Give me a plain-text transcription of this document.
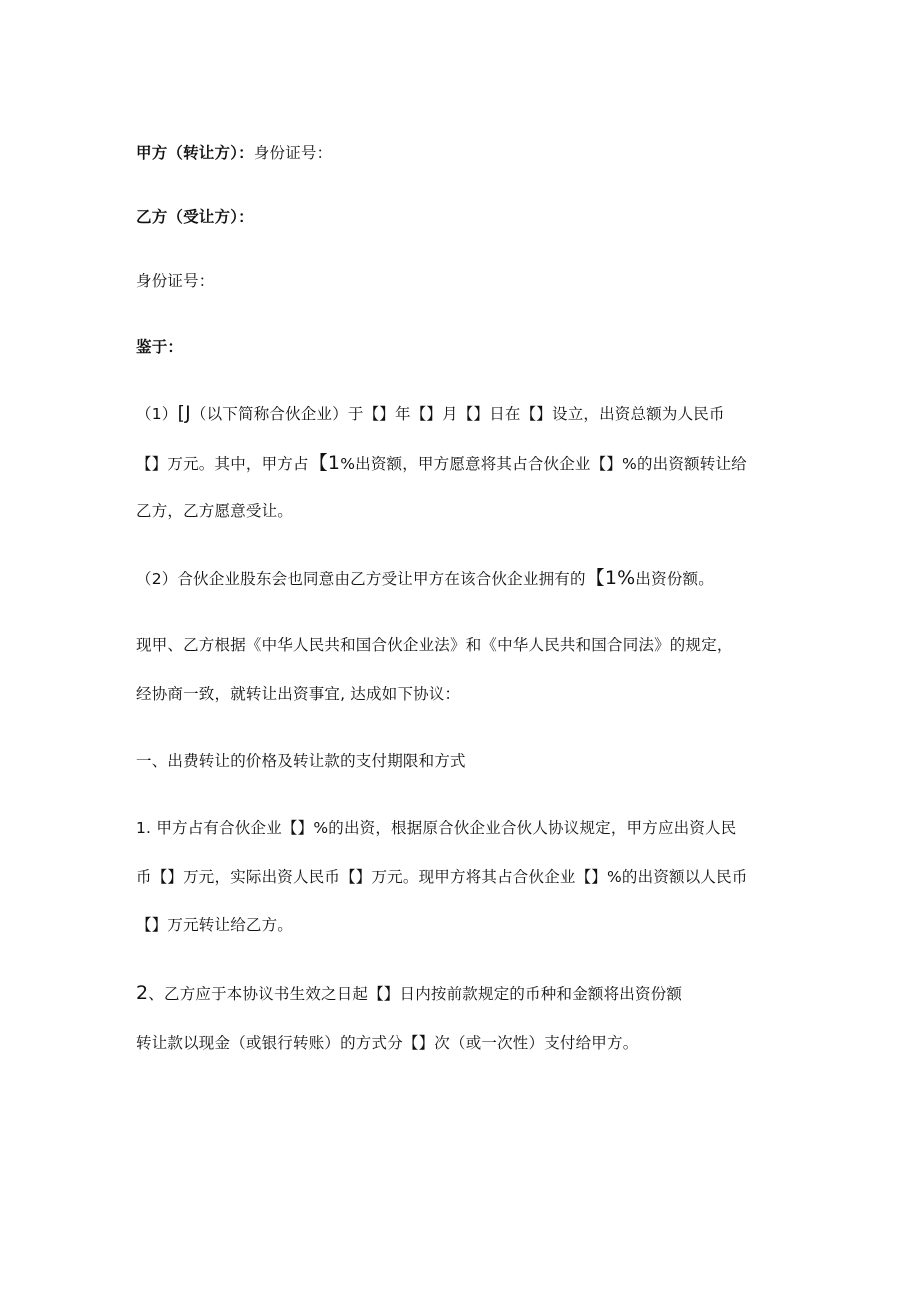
甲方（转让方）：身份证号：
乙方（受让方）：
身份证号：
鉴于：
（1）[J（以下简称合伙企业）于【】年【】月【】日在【】设立，出资总额为人民币
【】万元。其中，甲方占【1%出资额，甲方愿意将其占合伙企业【】%的出资额转让给
乙方，乙方愿意受让。
（2）合伙企业股东会也同意由乙方受让甲方在该合伙企业拥有的【1%出资份额。
现甲、乙方根据《中华人民共和国合伙企业法》和《中华人民共和国合同法》的规定，
经协商一致，就转让出资事宜, 达成如下协议：
一、出费转让的价格及转让款的支付期限和方式
1. 甲方占有合伙企业【】%的出资，根据原合伙企业合伙人协议规定，甲方应出资人民
币【】万元，实际出资人民币【】万元。现甲方将其占合伙企业【】%的出资额以人民币
【】万元转让给乙方。
2、乙方应于本协议书生效之日起【】日内按前款规定的币种和金额将出资份额
转让款以现金（或银行转账）的方式分【】次（或一次性）支付给甲方。
